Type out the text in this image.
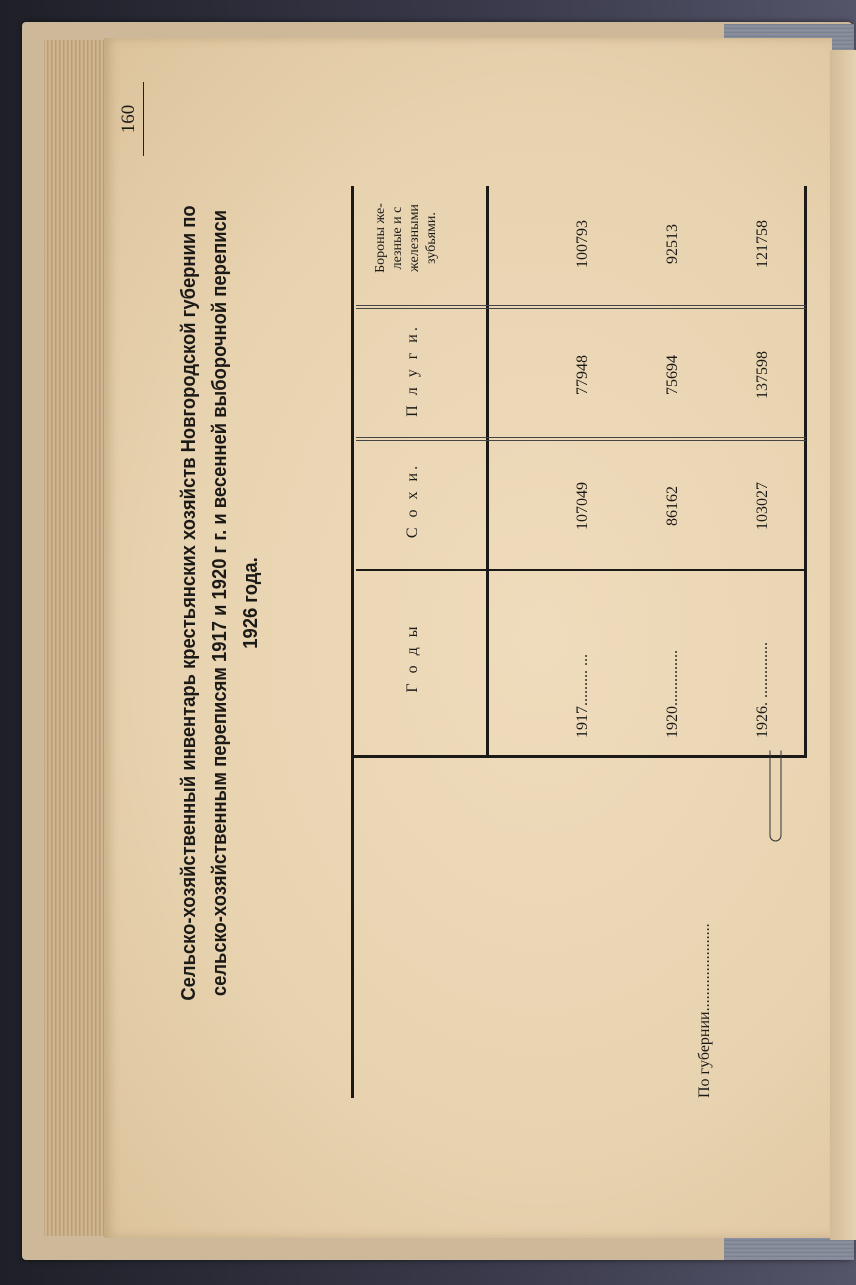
160
Сельско-хозяйственный инвентарь крестьянских хозяйств Новгородской губернии по сельско-хозяйственным переписям 1917 и 1920 г г. и весенней выборочной переписи 1926 года.
Г о д ы
С о х и.
П л у г и.
Бороны же- лезные и с железными зубьями.
По губернии......................
1917......... ...
107049
77948
100793
1920..............
86162
75694
92513
1926. ..............
103027
137598
121758
